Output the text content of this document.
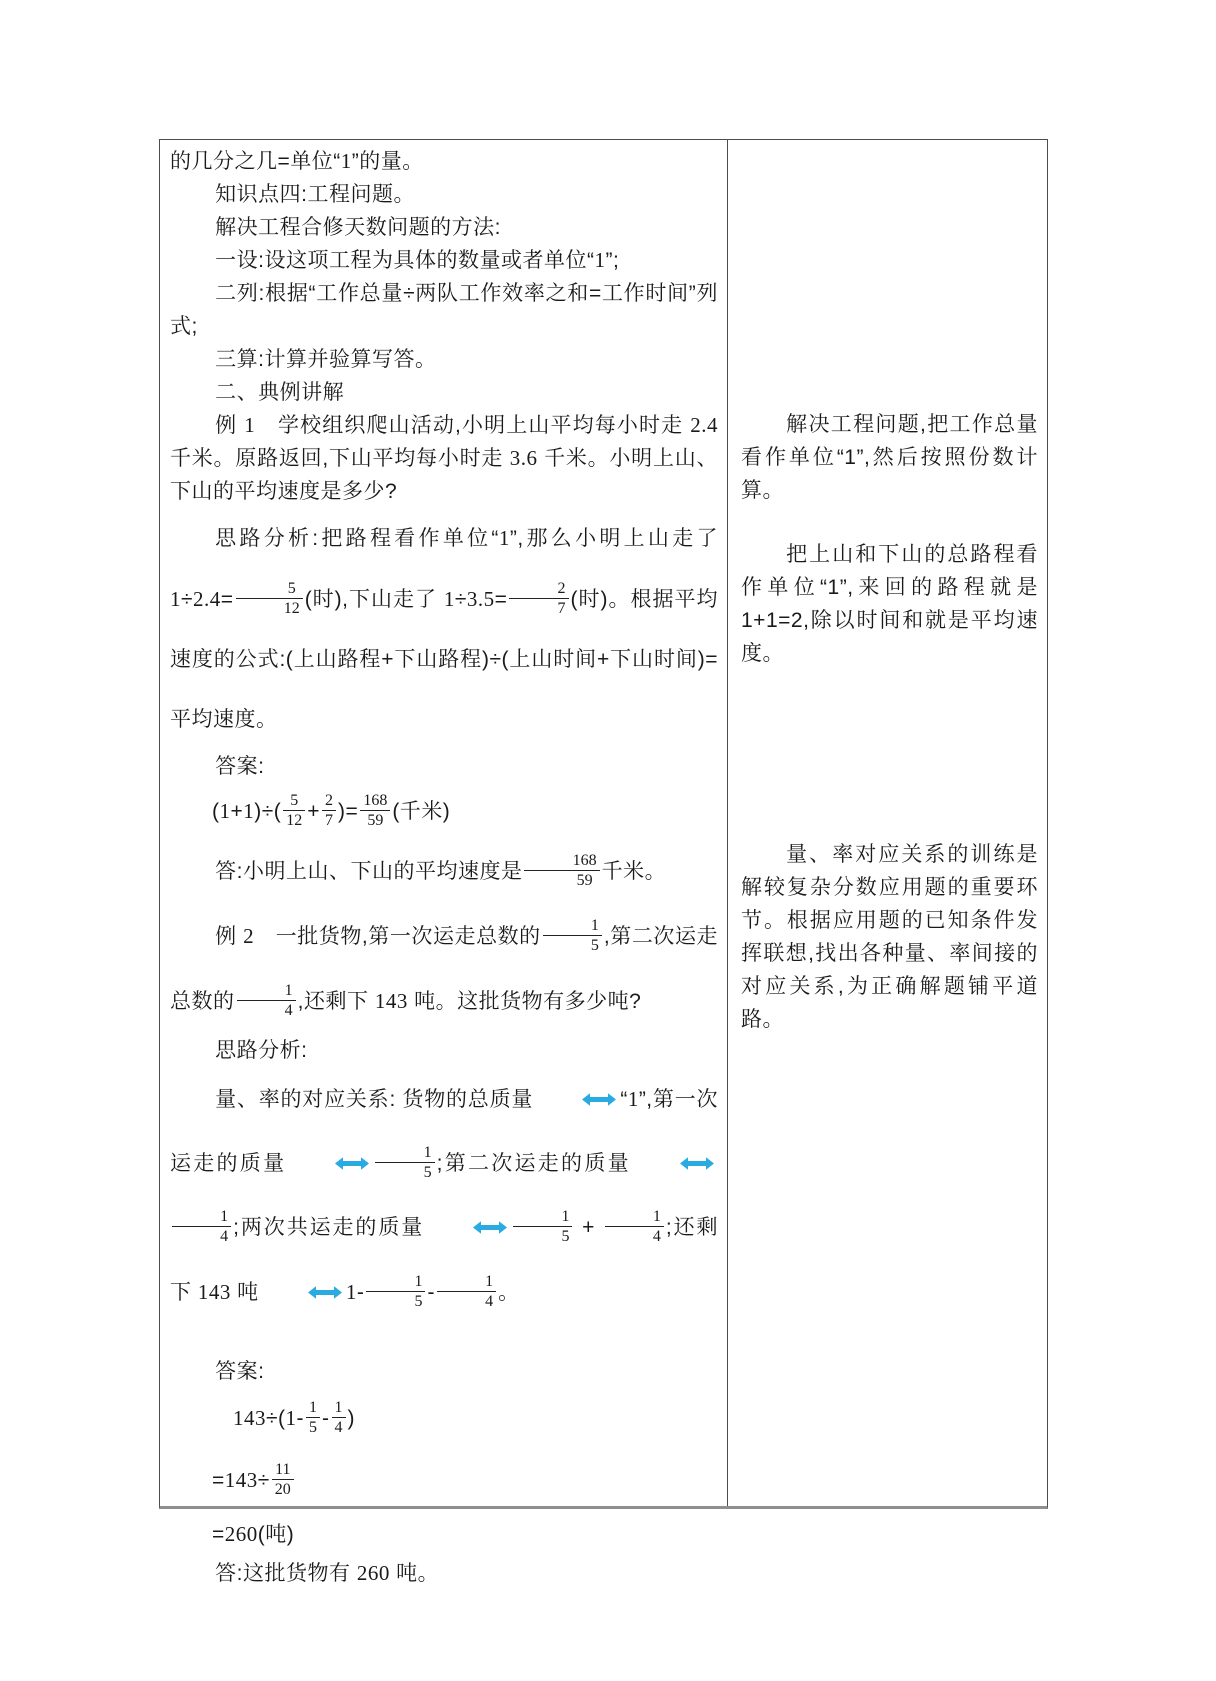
的几分之几=单位“1”的量。

知识点四:工程问题。

解决工程合修天数问题的方法:

一设:设这项工程为具体的数量或者单位“1”;

二列:根据“工作总量÷两队工作效率之和=工作时间”列式;

三算:计算并验算写答。

二、典例讲解

例 1　学校组织爬山活动,小明上山平均每小时走 2.4 千米。原路返回,下山平均每小时走 3.6 千米。小明上山、下山的平均速度是多少?

思路分析:把路程看作单位“1”,那么小明上山走了 $1\div 2.4= \frac{5}{12}$ (时),下山走了 $1\div 3.5= \frac{2}{7}$ (时)。根据平均速度的公式:(上山路程+下山路程)÷(上山时间+下山时间)=平均速度。

答案:

$(1+1)\div( \frac{5}{12} + \frac{2}{7}$ )= $\frac{168}{59}$ (千米)

答:小明上山、下山的平均速度是 $\frac{168}{59}$ 千米。

例 2　一批货物,第一次运走总数的 $\frac{1}{5}$ ,第二次运走总数的 $\frac{1}{4}$ ,还剩下 143 吨。这批货物有多少吨?

思路分析:

量、率的对应关系: 货物的总质量	“1”,第一次运走的质量	$\frac{1}{5}$ ;第二次运走的质量
$\frac{1}{4}$ ;两次共运走的质量	$\frac{1}{5} + \frac{1}{4}$ ;还剩下 143 吨	$1- \frac{1}{5} - \frac{1}{4}$ 。

答案:

$143\div(1- \frac{1}{5} - \frac{1}{4}$ )

$=143\div \frac{11}{20}$

=260(吨)

答:这批货物有 260 吨。

解决工程问题,把工作总量看作单位“1”,然后按照份数计算。

把上山和下山的总路程看作单位“1”,来回的路程就是1+1=2,除以时间和就是平均速度。

量、率对应关系的训练是解较复杂分数应用题的重要环节。根据应用题的已知条件发挥联想,找出各种量、率间接的对应关系,为正确解题铺平道路。
